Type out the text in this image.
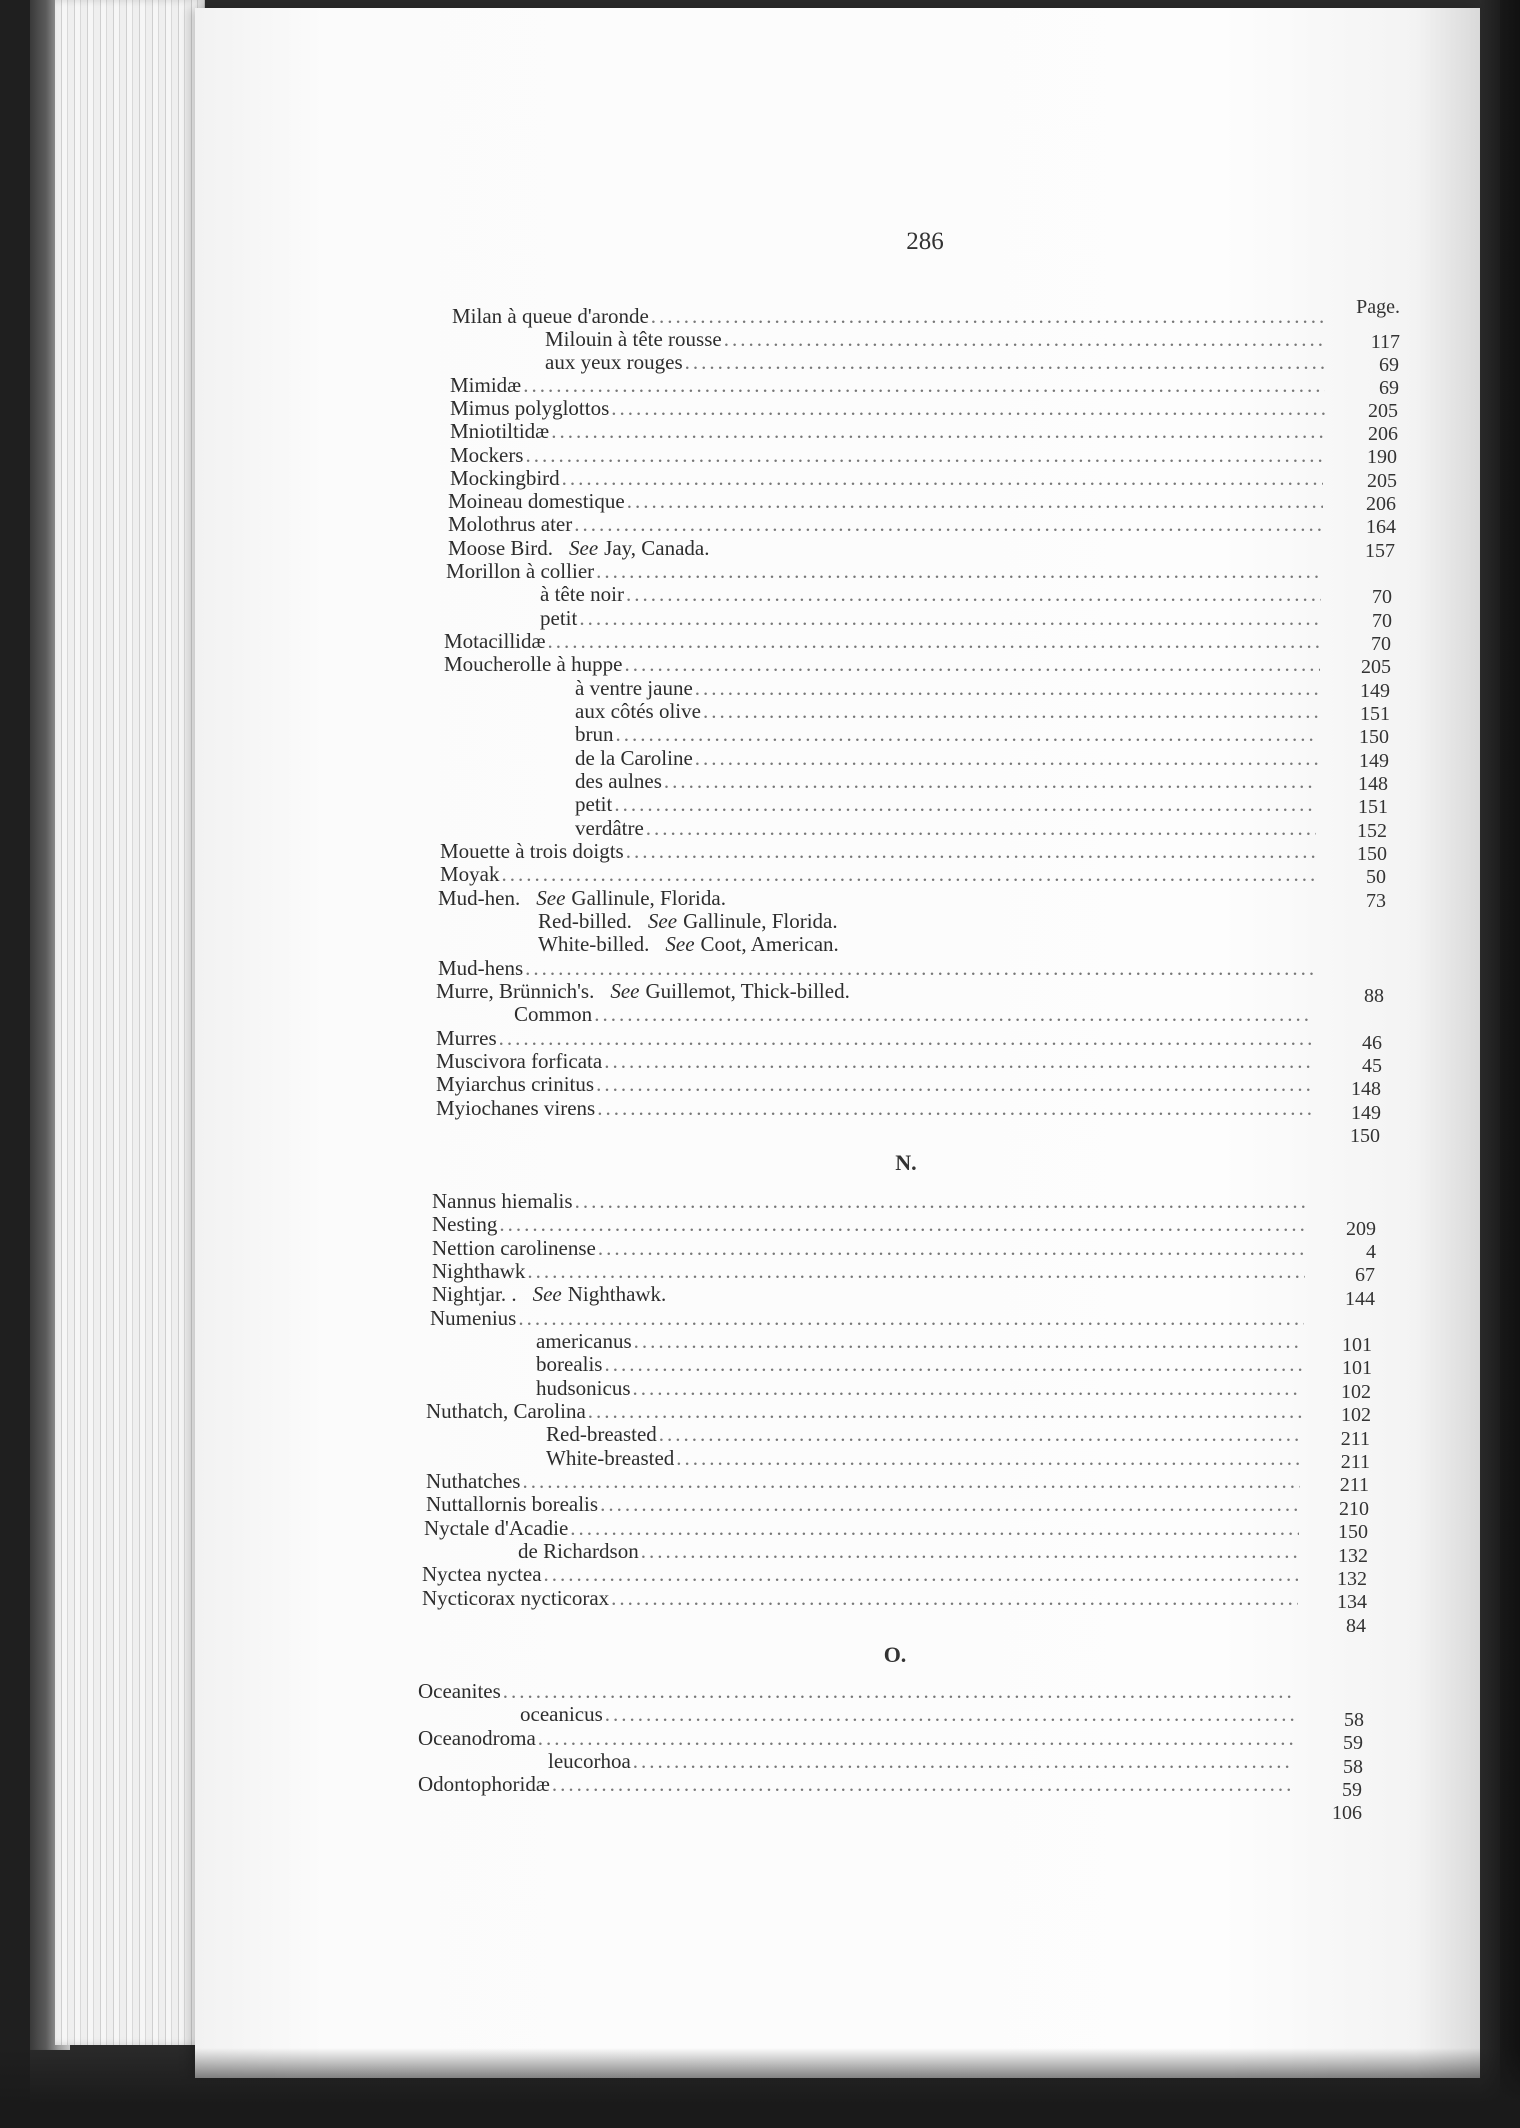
286
Page.
N.
O.
Milan à queue d'aronde
.....
Milouin à tête rousse
.....
aux yeux rouges
.....
Mimidæ
.....
Mimus polyglottos
.....
Mniotiltidæ
.....
Mockers
.....
Mockingbird
.....
Moineau domestique
.....
Molothrus ater
.....
Moose Bird. See Jay, Canada.
Morillon à collier
.....
à tête noir
.....
petit
.....
Motacillidæ
.....
Moucherolle à huppe
.....
à ventre jaune
.....
aux côtés olive
.....
brun
.....
de la Caroline
.....
des aulnes
.....
petit
.....
verdâtre
.....
Mouette à trois doigts
.....
Moyak
.....
Mud-hen. See Gallinule, Florida.
Red-billed. See Gallinule, Florida.
White-billed. See Coot, American.
Mud-hens
.....
Murre, Brünnich's. See Guillemot, Thick-billed.
Common
.....
Murres
.....
Muscivora forficata
.....
Myiarchus crinitus
.....
Myiochanes virens
.....
Nannus hiemalis
.....
Nesting
.....
Nettion carolinense
.....
Nighthawk
.....
Nightjar. . See Nighthawk.
Numenius
.....
americanus
.....
borealis
.....
hudsonicus
.....
Nuthatch, Carolina
.....
Red-breasted
.....
White-breasted
.....
Nuthatches
.....
Nuttallornis borealis
.....
Nyctale d'Acadie
.....
de Richardson
.....
Nyctea nyctea
.....
Nycticorax nycticorax
.....
Oceanites
.....
oceanicus
.....
Oceanodroma
.....
leucorhoa
.....
Odontophoridæ
.....
117
69
69
205
206
190
205
206
164
157
70
70
70
205
149
151
150
149
148
151
152
150
50
73
88
46
45
148
149
150
209
4
67
144
101
101
102
102
211
211
211
210
150
132
132
134
84
58
59
58
59
106
